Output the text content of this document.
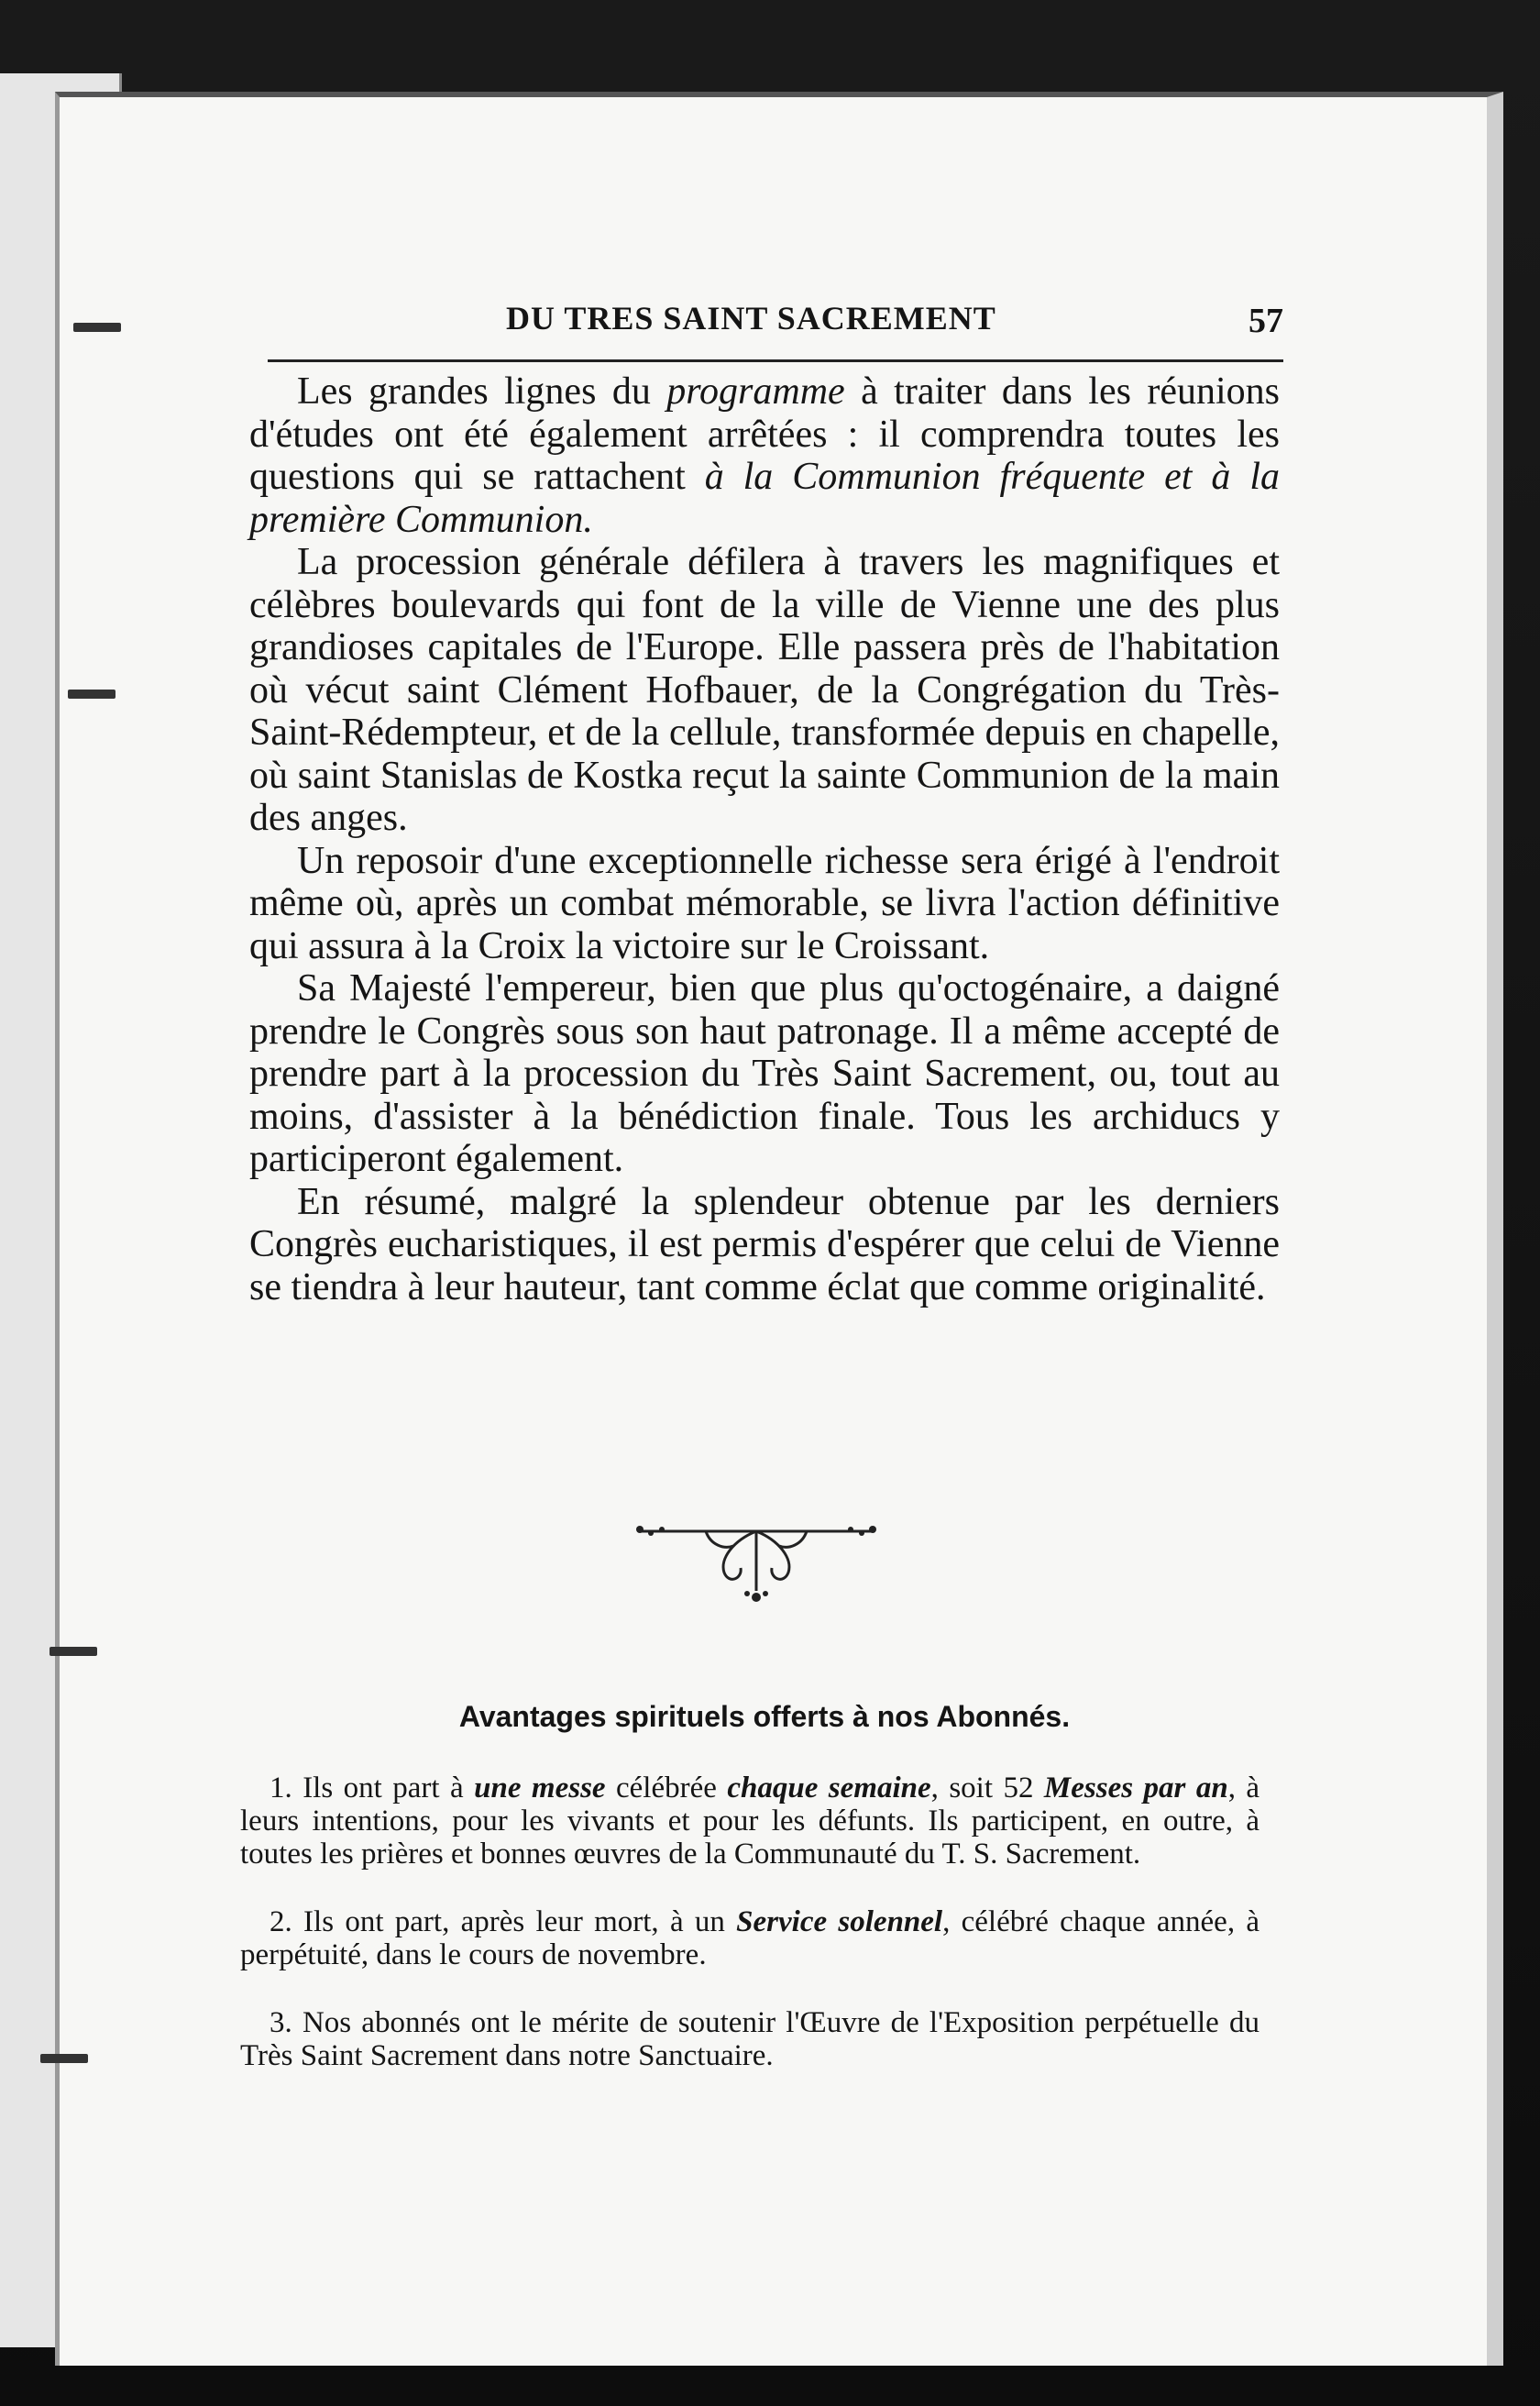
DU TRES SAINT SACREMENT	57

Les grandes lignes du programme à traiter dans les réunions d'études ont été également arrêtées : il comprendra toutes les questions qui se rattachent à la Communion fréquente et à la première Communion.

La procession générale défilera à travers les magnifiques et célèbres boulevards qui font de la ville de Vienne une des plus grandioses capitales de l'Europe. Elle passera près de l'habitation où vécut saint Clément Hofbauer, de la Congrégation du Très-Saint-Rédempteur, et de la cellule, transformée depuis en chapelle, où saint Stanislas de Kostka reçut la sainte Communion de la main des anges.

Un reposoir d'une exceptionnelle richesse sera érigé à l'endroit même où, après un combat mémorable, se livra l'action définitive qui assura à la Croix la victoire sur le Croissant.

Sa Majesté l'empereur, bien que plus qu'octogénaire, a daigné prendre le Congrès sous son haut patronage. Il a même accepté de prendre part à la procession du Très Saint Sacrement, ou, tout au moins, d'assister à la bénédiction finale. Tous les archiducs y participeront également.

En résumé, malgré la splendeur obtenue par les derniers Congrès eucharistiques, il est permis d'espérer que celui de Vienne se tiendra à leur hauteur, tant comme éclat que comme originalité.

Avantages spirituels offerts à nos Abonnés.

1. Ils ont part à une messe célébrée chaque semaine, soit 52 Messes par an, à leurs intentions, pour les vivants et pour les défunts. Ils participent, en outre, à toutes les prières et bonnes œuvres de la Communauté du T. S. Sacrement.

2. Ils ont part, après leur mort, à un Service solennel, célébré chaque année, à perpétuité, dans le cours de novembre.

3. Nos abonnés ont le mérite de soutenir l'Œuvre de l'Exposition perpétuelle du Très Saint Sacrement dans notre Sanctuaire.
